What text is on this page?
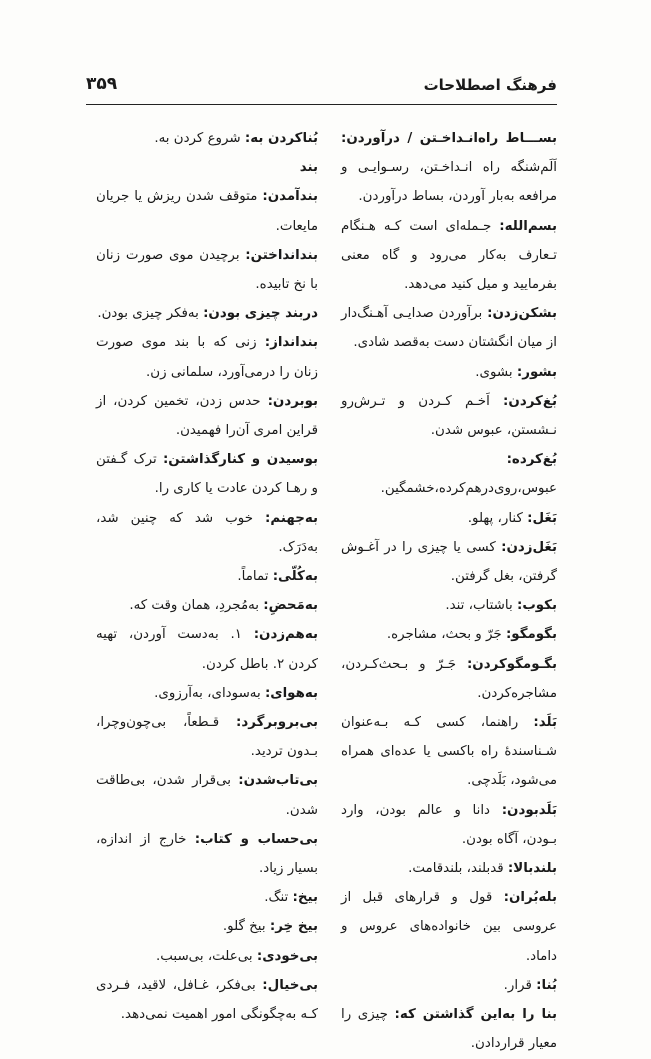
فرهنگ اصطلاحات
۳۵۹

بســـاط راه‌انـداخـتن / درآوردن: اَلَم‌شنگه راه انـداخـتن، رسـوایـی و مرافعه به‌بار آوردن، بساط درآوردن.

بسم‌الله: جـمله‌ای است کـه هـنگام تـعارف به‌کار می‌رود و گاه معنی بفرمایید و میل کنید می‌دهد.

بشکن‌زدن: برآوردن صدایـی آهـنگ‌دار از میان انگشتان دست به‌قصد شادی.

بشور: بشوی.

بُغ‌کردن: اَخـم کـردن و تـرش‌رو نـشستن، عبوس شدن.

بُغ‌کرده: عبوس،روی‌درهم‌کرده،خشمگین.

بَغَل: کنار، پهلو.

بَغَل‌زدن: کسی یا چیزی را در آغـوش گرفتن، بغل گرفتن.

بکوب: باشتاب، تند.

بگومگو: جَرّ و بحث، مشاجره.

بگـومگوکردن: جَـرّ و بـحث‌کـردن، مشاجره‌کردن.

بَلَد: راهنما، کسی کـه بـه‌عنوان شـناسندهٔ راه باکسی یا عده‌ای همراه می‌شود، بَلَدچی.

بَلَدبودن: دانا و عالم بودن، وارد بـودن، آگاه بودن.

بلندبالا: قدبلند، بلندقامت.

بله‌بُران: قول و قرارهای قبل از عروسی بین خانواده‌های عروس و داماد.

بُنا: قرار.

بنا را به‌این گذاشتن که: چیزی را معیار قراردادن.

بُناکردن به: شروع کردن به.

بند

بندآمدن: متوقف شدن ریزش یا جریان مایعات.

بندانداختن: برچیدن موی صورت زنان با نخ تابیده.

دربند چیزی بودن: به‌فکر چیزی بودن.

بندانداز: زنی که با بند موی صورت زنان را درمی‌آورد، سلمانی زن.

بوبردن: حدس زدن، تخمین کردن، از قراین امری آن‌را فهمیدن.

بوسیدن و کنارگذاشتن: ترک گـفتن و رهـا کردن عادت یا کاری را.

به‌جهنم: خوب شد که چنین شد، به‌دَرَک.

به‌کُلّی: تماماً.

به‌مَحضِ: به‌مُجردِ، همان وقت که.

به‌هم‌زدن: ۱. به‌دست آوردن، تهیه کردن ۲. باطل کردن.

به‌هوای: به‌سودای، به‌آرزوی.

بی‌بروبرگرد: قـطعاً، بی‌چون‌وچرا، بـدون تردید.

بی‌تاب‌شدن: بی‌قرار شدن، بی‌طاقت شدن.

بی‌حساب و کتاب: خارج از اندازه، بسیار زیاد.

بیخ: تنگ.

بیخ خِر: بیخ گلو.

بی‌خودی: بی‌علت، بی‌سبب.

بی‌خیال: بی‌فکر، غـافل، لاقید، فـردی کـه به‌چگونگی امور اهمیت نمی‌دهد.
